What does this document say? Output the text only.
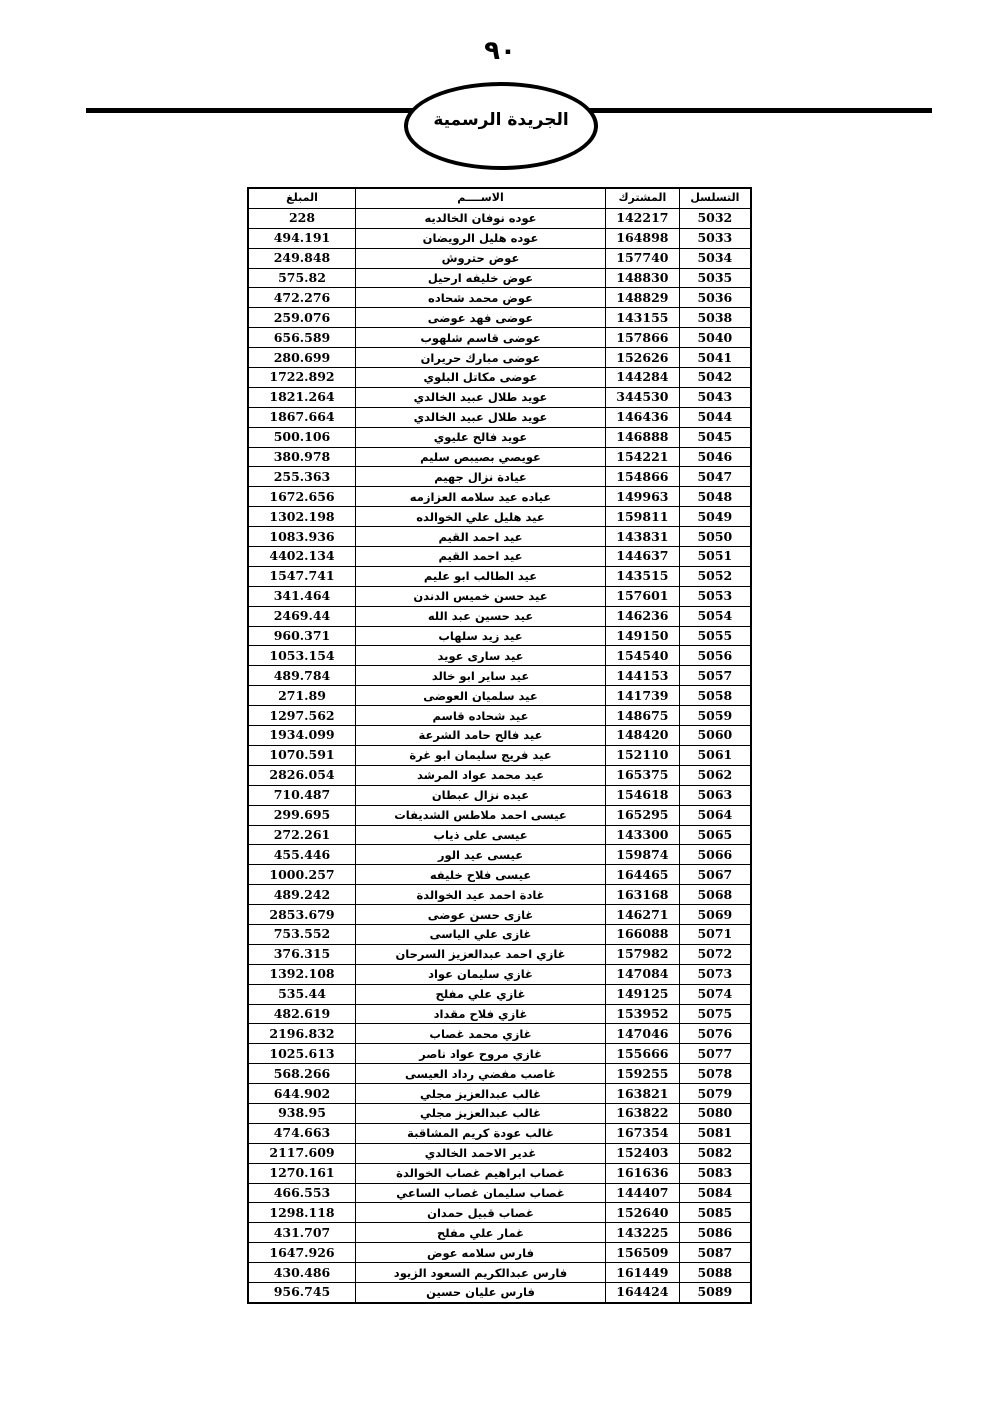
٩٠
الجريدة الرسمية
المبلغ	الاســــم	المشترك	التسلسل
228	عوده نوفان الخالديه	142217	5032
494.191	عوده هليل الرويضان	164898	5033
249.848	عوض حتروش	157740	5034
575.82	عوض خليفه ارحيل	148830	5035
472.276	عوض محمد شحاده	148829	5036
259.076	عوضى فهد عوضى	143155	5038
656.589	عوضى قاسم شلهوب	157866	5040
280.699	عوضى مبارك حريران	152626	5041
1722.892	عوضى مكاتل البلوي	144284	5042
1821.264	عويد طلال عبيد الخالدي	344530	5043
1867.664	عويد طلال عبيد الخالدي	146436	5044
500.106	عويد فالح عليوي	146888	5045
380.978	عويصي بصيبص سليم	154221	5046
255.363	عيادة نزال جهيم	154866	5047
1672.656	عياده عيد سلامه العزازمه	149963	5048
1302.198	عيد هليل علي الخوالده	159811	5049
1083.936	عيد احمد القيم	143831	5050
4402.134	عيد احمد القيم	144637	5051
1547.741	عيد الطالب ابو عليم	143515	5052
341.464	عيد حسن خميس الدندن	157601	5053
2469.44	عيد حسين عبد الله	146236	5054
960.371	عيد زيد سلهاب	149150	5055
1053.154	عيد سارى عويد	154540	5056
489.784	عيد ساير ابو خالد	144153	5057
271.89	عيد سلميان العوضى	141739	5058
1297.562	عيد شحاده قاسم	148675	5059
1934.099	عيد فالح حامد الشرعة	148420	5060
1070.591	عيد فريج سليمان ابو غرة	152110	5061
2826.054	عيد محمد عواد المرشد	165375	5062
710.487	عيده نزال عبطان	154618	5063
299.695	عيسى احمد ملاطس الشديفات	165295	5064
272.261	عيسى على ذياب	143300	5065
455.446	عيسى عيد الور	159874	5066
1000.257	عيسى فلاح خليفه	164465	5067
489.242	غادة احمد عيد الخوالدة	163168	5068
2853.679	غازى حسن عوضى	146271	5069
753.552	غازى علي الياسى	166088	5071
376.315	غازي احمد عبدالعزيز السرحان	157982	5072
1392.108	غازي سليمان عواد	147084	5073
535.44	غازي علي مفلح	149125	5074
482.619	غازي فلاح مقداد	153952	5075
2196.832	غازي محمد غصاب	147046	5076
1025.613	غازي مروح عواد ناصر	155666	5077
568.266	غاصب مفضي رداد العيسى	159255	5078
644.902	غالب عبدالعزيز مجلي	163821	5079
938.95	غالب عبدالعزيز مجلي	163822	5080
474.663	غالب عودة كريم المشاقبة	167354	5081
2117.609	غدير الاحمد الخالدي	152403	5082
1270.161	غصاب ابراهيم غصاب الخوالدة	161636	5083
466.553	غصاب سليمان غصاب الساعي	144407	5084
1298.118	غصاب قبيل حمدان	152640	5085
431.707	غمار علي مفلح	143225	5086
1647.926	فارس سلامه عوض	156509	5087
430.486	فارس عبدالكريم السعود الزيود	161449	5088
956.745	فارس عليان حسين	164424	5089
